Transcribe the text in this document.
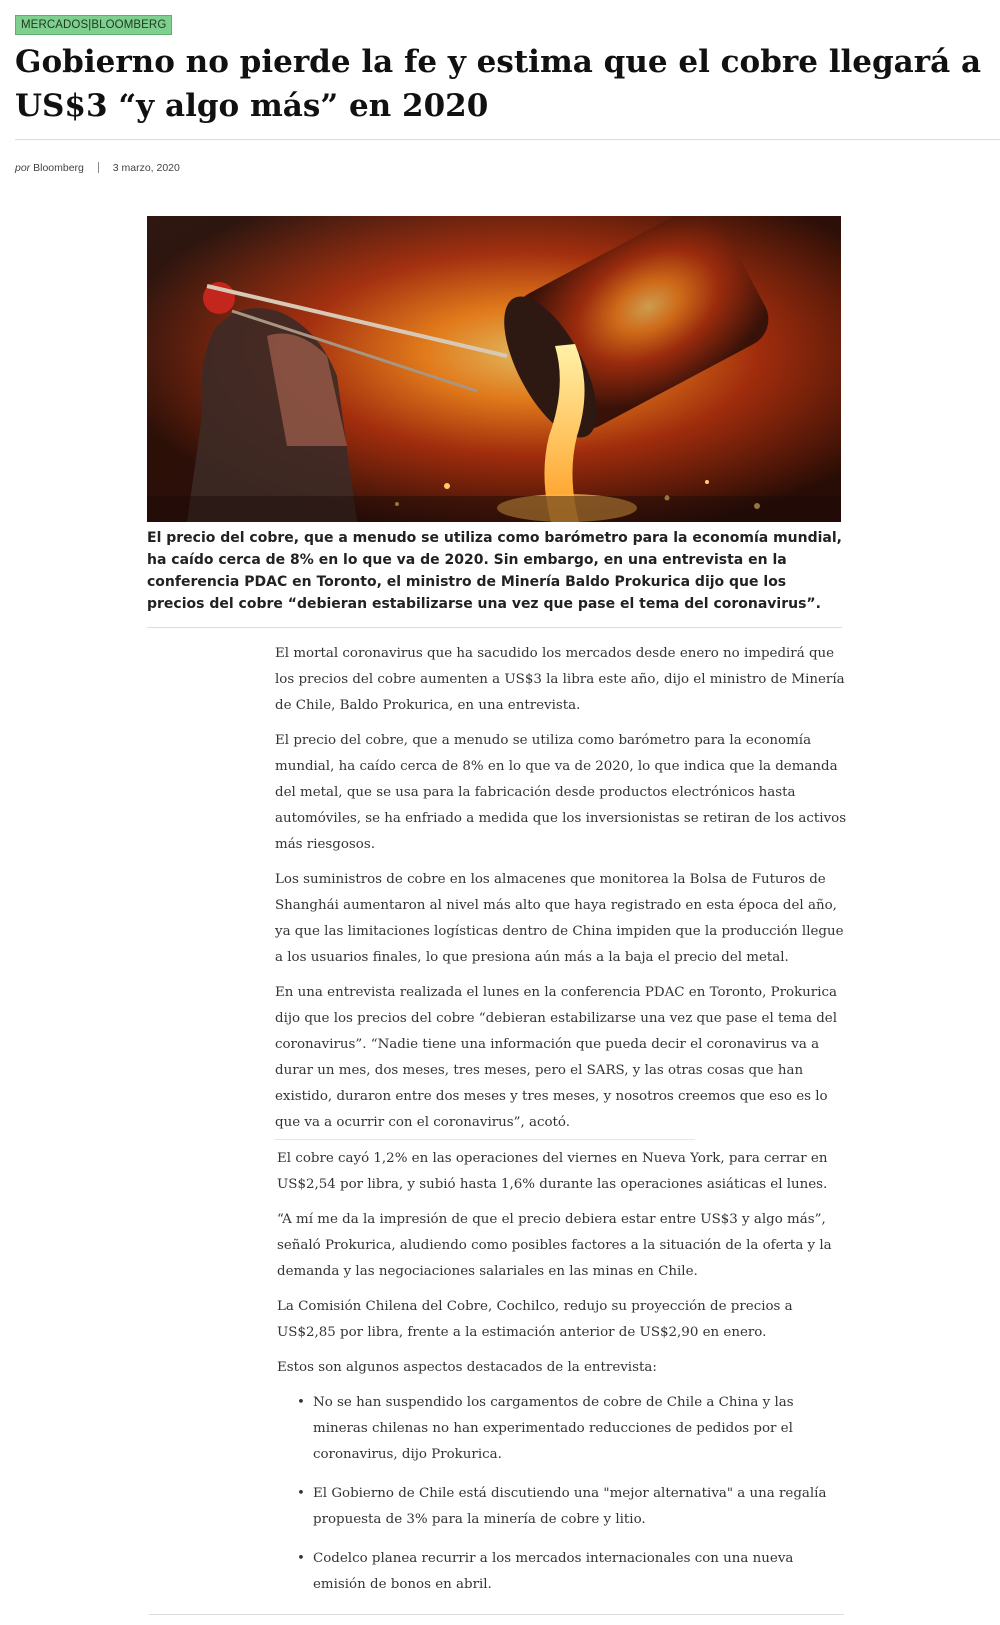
MERCADOS|BLOOMBERG
Gobierno no pierde la fe y estima que el cobre llegará a US$3 “y algo más” en 2020
por Bloomberg	3 marzo, 2020

El precio del cobre, que a menudo se utiliza como barómetro para la economía mundial, ha caído cerca de 8% en lo que va de 2020. Sin embargo, en una entrevista en la conferencia PDAC en Toronto, el ministro de Minería Baldo Prokurica dijo que los precios del cobre “debieran estabilizarse una vez que pase el tema del coronavirus”.

El mortal coronavirus que ha sacudido los mercados desde enero no impedirá que los precios del cobre aumenten a US$3 la libra este año, dijo el ministro de Minería de Chile, Baldo Prokurica, en una entrevista.

El precio del cobre, que a menudo se utiliza como barómetro para la economía mundial, ha caído cerca de 8% en lo que va de 2020, lo que indica que la demanda del metal, que se usa para la fabricación desde productos electrónicos hasta automóviles, se ha enfriado a medida que los inversionistas se retiran de los activos más riesgosos.

Los suministros de cobre en los almacenes que monitorea la Bolsa de Futuros de Shanghái aumentaron al nivel más alto que haya registrado en esta época del año, ya que las limitaciones logísticas dentro de China impiden que la producción llegue a los usuarios finales, lo que presiona aún más a la baja el precio del metal.

En una entrevista realizada el lunes en la conferencia PDAC en Toronto, Prokurica dijo que los precios del cobre “debieran estabilizarse una vez que pase el tema del coronavirus”. “Nadie tiene una información que pueda decir el coronavirus va a durar un mes, dos meses, tres meses, pero el SARS, y las otras cosas que han existido, duraron entre dos meses y tres meses, y nosotros creemos que eso es lo que va a ocurrir con el coronavirus”, acotó.

El cobre cayó 1,2% en las operaciones del viernes en Nueva York, para cerrar en US$2,54 por libra, y subió hasta 1,6% durante las operaciones asiáticas el lunes.

“A mí me da la impresión de que el precio debiera estar entre US$3 y algo más”, señaló Prokurica, aludiendo como posibles factores a la situación de la oferta y la demanda y las negociaciones salariales en las minas en Chile.

La Comisión Chilena del Cobre, Cochilco, redujo su proyección de precios a US$2,85 por libra, frente a la estimación anterior de US$2,90 en enero.

Estos son algunos aspectos destacados de la entrevista:

• No se han suspendido los cargamentos de cobre de Chile a China y las mineras chilenas no han experimentado reducciones de pedidos por el coronavirus, dijo Prokurica.
• El Gobierno de Chile está discutiendo una "mejor alternativa" a una regalía propuesta de 3% para la minería de cobre y litio.
• Codelco planea recurrir a los mercados internacionales con una nueva emisión de bonos en abril.
